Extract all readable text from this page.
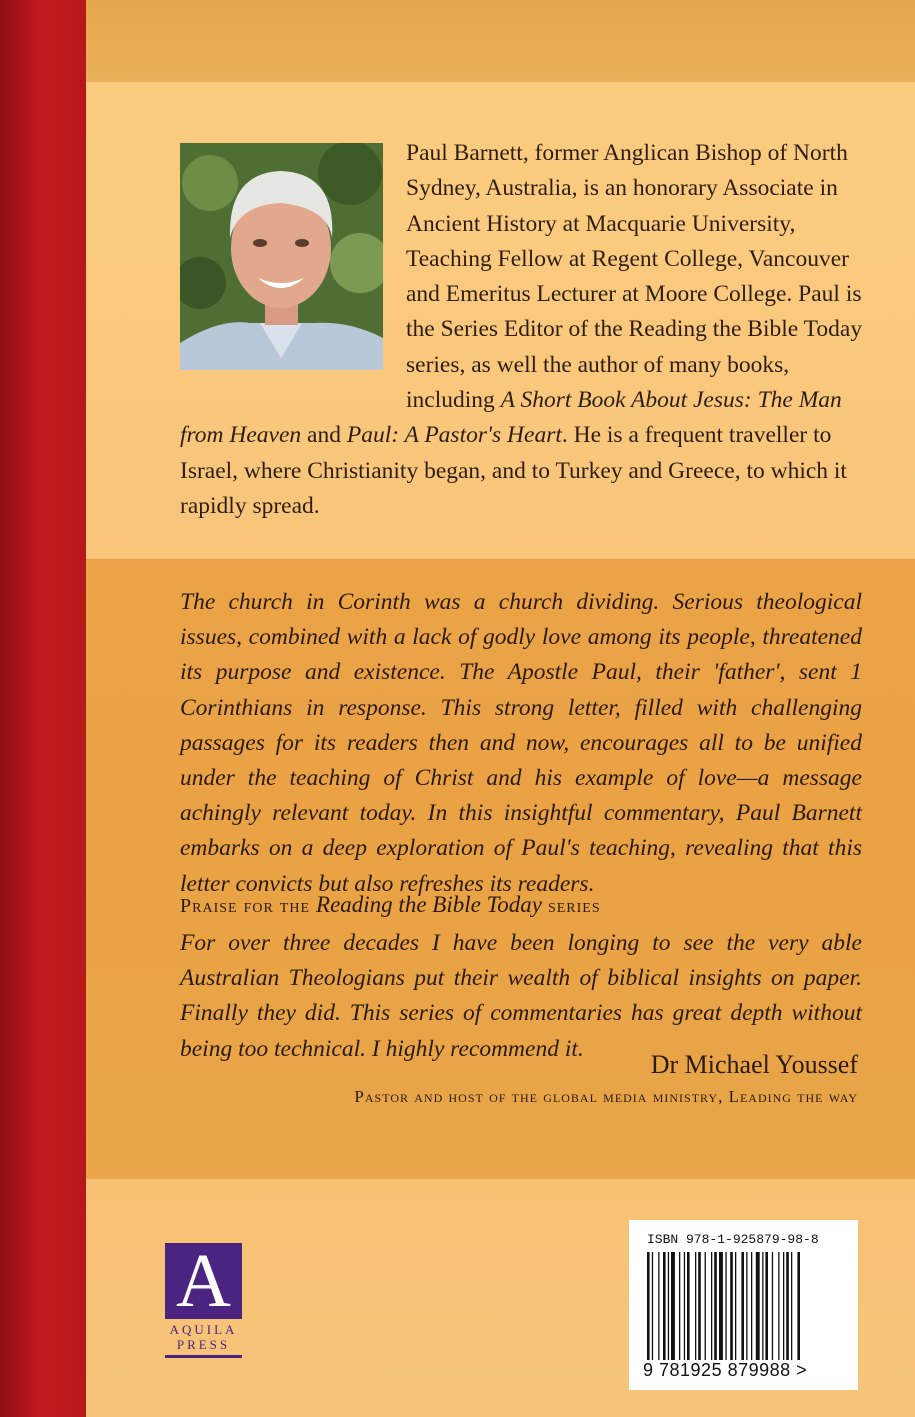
Paul Barnett, former Anglican Bishop of North Sydney, Australia, is an honorary Associate in Ancient History at Macquarie University, Teaching Fellow at Regent College, Vancouver and Emeritus Lecturer at Moore College. Paul is the Series Editor of the Reading the Bible Today series, as well the author of many books, including A Short Book About Jesus: The Man from Heaven and Paul: A Pastor's Heart. He is a frequent traveller to Israel, where Christianity began, and to Turkey and Greece, to which it rapidly spread.

The church in Corinth was a church dividing. Serious theological issues, combined with a lack of godly love among its people, threatened its purpose and existence. The Apostle Paul, their 'father', sent 1 Corinthians in response. This strong letter, filled with challenging passages for its readers then and now, encourages all to be unified under the teaching of Christ and his example of love—a message achingly relevant today. In this insightful commentary, Paul Barnett embarks on a deep exploration of Paul's teaching, revealing that this letter convicts but also refreshes its readers.

Praise for the Reading the Bible Today series

For over three decades I have been longing to see the very able Australian Theologians put their wealth of biblical insights on paper. Finally they did. This series of commentaries has great depth without being too technical. I highly recommend it.

Dr Michael Youssef
Pastor and host of the global media ministry, Leading the way
A
AQUILA
PRESS
ISBN 978-1-925879-98-8
9 781925 879988 >
